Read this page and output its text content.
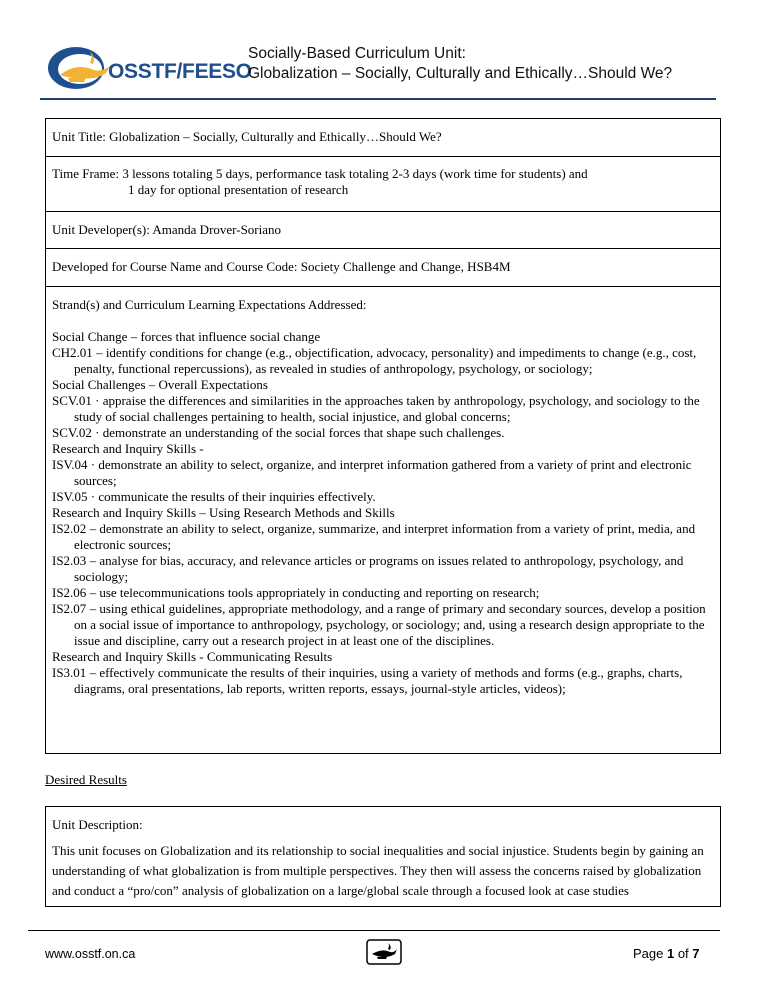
OSSTF/FEESO
Socially-Based Curriculum Unit:
Globalization – Socially, Culturally and Ethically…Should We?
Unit Title: Globalization – Socially, Culturally and Ethically…Should We?
Time Frame: 3 lessons totaling 5 days, performance task totaling 2-3 days (work time for students) and
1 day for optional presentation of research
Unit Developer(s): Amanda Drover-Soriano
Developed for Course Name and Course Code: Society Challenge and Change, HSB4M
Strand(s) and Curriculum Learning Expectations Addressed:
Social Change – forces that influence social change
CH2.01 – identify conditions for change (e.g., objectification, advocacy, personality) and impediments to change (e.g., cost, penalty, functional repercussions), as revealed in studies of anthropology, psychology, or sociology;
Social Challenges – Overall Expectations
SCV.01 · appraise the differences and similarities in the approaches taken by anthropology, psychology, and sociology to the study of social challenges pertaining to health, social injustice, and global concerns;
SCV.02 · demonstrate an understanding of the social forces that shape such challenges.
Research and Inquiry Skills -
ISV.04 · demonstrate an ability to select, organize, and interpret information gathered from a variety of print and electronic sources;
ISV.05 · communicate the results of their inquiries effectively.
Research and Inquiry Skills – Using Research Methods and Skills
IS2.02 – demonstrate an ability to select, organize, summarize, and interpret information from a variety of print, media, and electronic sources;
IS2.03 – analyse for bias, accuracy, and relevance articles or programs on issues related to anthropology, psychology, and sociology;
IS2.06 – use telecommunications tools appropriately in conducting and reporting on research;
IS2.07 – using ethical guidelines, appropriate methodology, and a range of primary and secondary sources, develop a position on a social issue of importance to anthropology, psychology, or sociology; and, using a research design appropriate to the issue and discipline, carry out a research project in at least one of the disciplines.
Research and Inquiry Skills - Communicating Results
IS3.01 – effectively communicate the results of their inquiries, using a variety of methods and forms (e.g., graphs, charts, diagrams, oral presentations, lab reports, written reports, essays, journal-style articles, videos);
Desired Results
Unit Description:
This unit focuses on Globalization and its relationship to social inequalities and social injustice. Students begin by gaining an understanding of what globalization is from multiple perspectives. They then will assess the concerns raised by globalization and conduct a “pro/con” analysis of globalization on a large/global scale through a focused look at case studies
www.osstf.on.ca	Page 1 of 7
